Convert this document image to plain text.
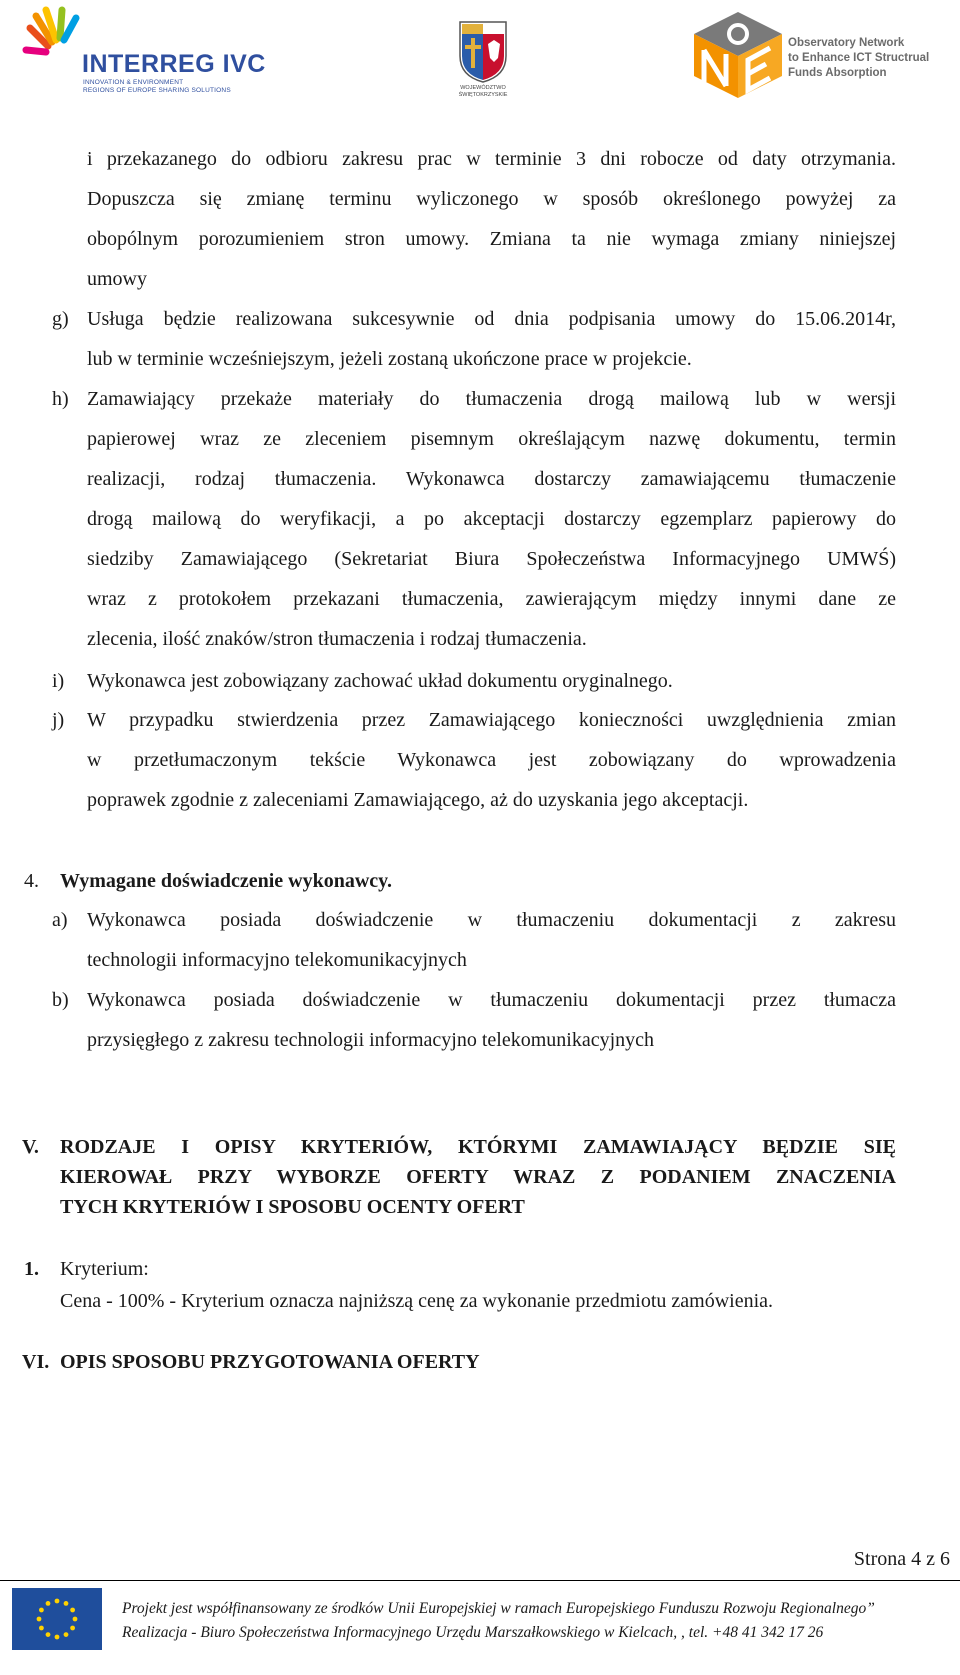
INTERREG IVC
INNOVATION & ENVIRONMENT
REGIONS OF EUROPE SHARING SOLUTIONS	WOJEWÓDZTWO
ŚWIĘTOKRZYSKIE
Observatory Network
to Enhance ICT Structrual
Funds Absorption
i przekazanego do odbioru zakresu prac w terminie 3 dni robocze od daty otrzymania.
Dopuszcza się zmianę terminu wyliczonego w sposób określonego powyżej za
obopólnym porozumieniem stron umowy. Zmiana ta nie wymaga zmiany niniejszej
umowy
g) Usługa będzie realizowana sukcesywnie od dnia podpisania umowy do 15.06.2014r,
lub w terminie wcześniejszym, jeżeli zostaną ukończone prace w projekcie.
h) Zamawiający przekaże materiały do tłumaczenia drogą mailową lub w wersji
papierowej wraz ze zleceniem pisemnym określającym nazwę dokumentu, termin
realizacji, rodzaj tłumaczenia. Wykonawca dostarczy zamawiającemu tłumaczenie
drogą mailową do weryfikacji, a po akceptacji dostarczy egzemplarz papierowy do
siedziby Zamawiającego (Sekretariat Biura Społeczeństwa Informacyjnego UMWŚ)
wraz z protokołem przekazani tłumaczenia, zawierającym między innymi dane ze
zlecenia, ilość znaków/stron tłumaczenia i rodzaj tłumaczenia.
i) Wykonawca jest zobowiązany zachować układ dokumentu oryginalnego.
j) W przypadku stwierdzenia przez Zamawiającego konieczności uwzględnienia zmian
w przetłumaczonym tekście Wykonawca jest zobowiązany do wprowadzenia
poprawek zgodnie z zaleceniami Zamawiającego, aż do uzyskania jego akceptacji.
4. Wymagane doświadczenie wykonawcy.
a) Wykonawca posiada doświadczenie w tłumaczeniu dokumentacji z zakresu
technologii informacyjno telekomunikacyjnych
b) Wykonawca posiada doświadczenie w tłumaczeniu dokumentacji przez tłumacza
przysięgłego z zakresu technologii informacyjno telekomunikacyjnych
V. RODZAJE I OPISY KRYTERIÓW, KTÓRYMI ZAMAWIAJĄCY BĘDZIE SIĘ
KIEROWAŁ PRZY WYBORZE OFERTY WRAZ Z PODANIEM ZNACZENIA
TYCH KRYTERIÓW I SPOSOBU OCENTY OFERT
1. Kryterium:
Cena - 100% - Kryterium oznacza najniższą cenę za wykonanie przedmiotu zamówienia.
VI. OPIS SPOSOBU PRZYGOTOWANIA OFERTY
Strona 4 z 6
Projekt jest współfinansowany ze środków Unii Europejskiej w ramach Europejskiego Funduszu Rozwoju Regionalnego”
Realizacja - Biuro Społeczeństwa Informacyjnego Urzędu Marszałkowskiego w Kielcach, , tel. +48 41 342 17 26
